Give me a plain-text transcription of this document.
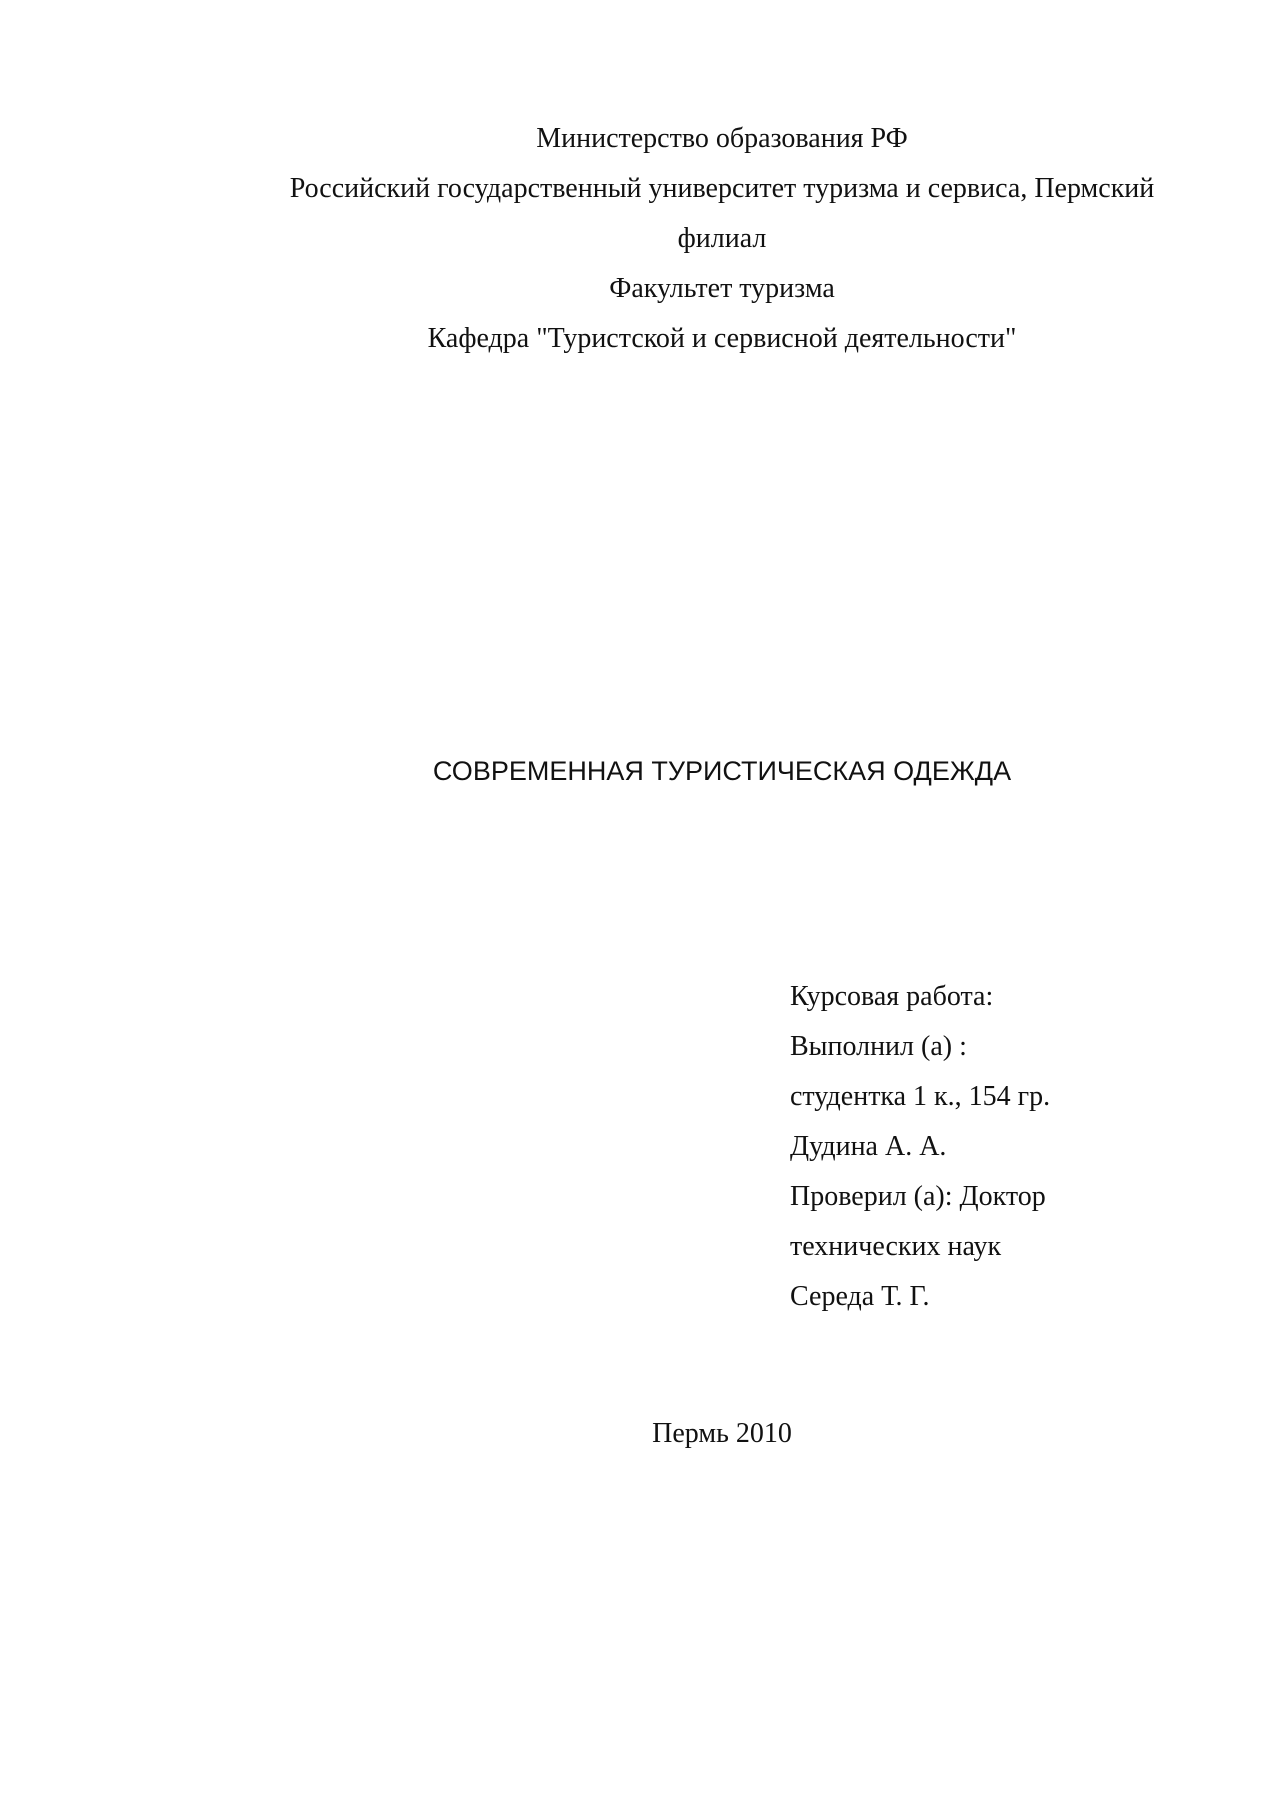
Министерство образования РФ
Российский государственный университет туризма и сервиса, Пермский
филиал
Факультет туризма
Кафедра "Туристской и сервисной деятельности"
СОВРЕМЕННАЯ ТУРИСТИЧЕСКАЯ ОДЕЖДА
Курсовая работа:
Выполнил (а) :
студентка 1 к., 154 гр.
Дудина А. А.
Проверил (а): Доктор
технических наук
Середа Т. Г.
Пермь 2010
